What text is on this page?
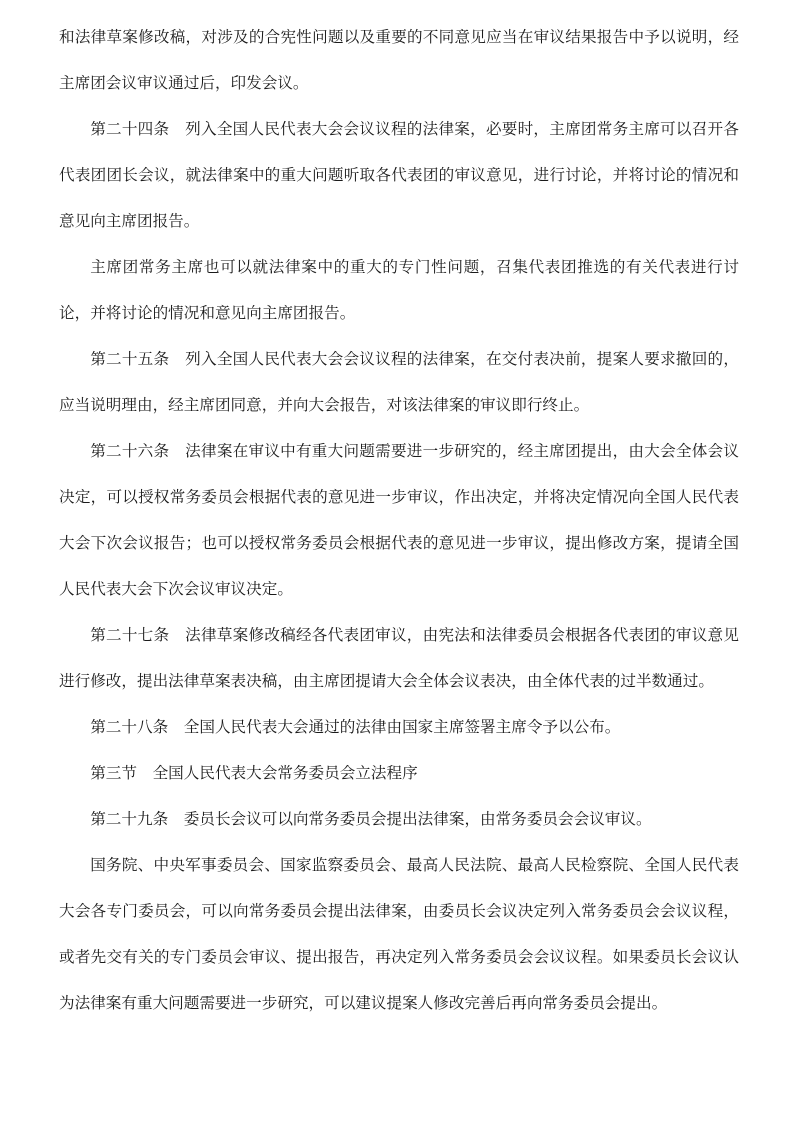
和法律草案修改稿，对涉及的合宪性问题以及重要的不同意见应当在审议结果报告中予以说明，经主席团会议审议通过后，印发会议。

第二十四条 列入全国人民代表大会会议议程的法律案，必要时，主席团常务主席可以召开各代表团团长会议，就法律案中的重大问题听取各代表团的审议意见，进行讨论，并将讨论的情况和意见向主席团报告。

主席团常务主席也可以就法律案中的重大的专门性问题，召集代表团推选的有关代表进行讨论，并将讨论的情况和意见向主席团报告。

第二十五条 列入全国人民代表大会会议议程的法律案，在交付表决前，提案人要求撤回的，应当说明理由，经主席团同意，并向大会报告，对该法律案的审议即行终止。

第二十六条 法律案在审议中有重大问题需要进一步研究的，经主席团提出，由大会全体会议决定，可以授权常务委员会根据代表的意见进一步审议，作出决定，并将决定情况向全国人民代表大会下次会议报告；也可以授权常务委员会根据代表的意见进一步审议，提出修改方案，提请全国人民代表大会下次会议审议决定。

第二十七条 法律草案修改稿经各代表团审议，由宪法和法律委员会根据各代表团的审议意见进行修改，提出法律草案表决稿，由主席团提请大会全体会议表决，由全体代表的过半数通过。

第二十八条 全国人民代表大会通过的法律由国家主席签署主席令予以公布。

第三节 全国人民代表大会常务委员会立法程序

第二十九条 委员长会议可以向常务委员会提出法律案，由常务委员会会议审议。

国务院、中央军事委员会、国家监察委员会、最高人民法院、最高人民检察院、全国人民代表大会各专门委员会，可以向常务委员会提出法律案，由委员长会议决定列入常务委员会会议议程，或者先交有关的专门委员会审议、提出报告，再决定列入常务委员会会议议程。如果委员长会议认为法律案有重大问题需要进一步研究，可以建议提案人修改完善后再向常务委员会提出。
